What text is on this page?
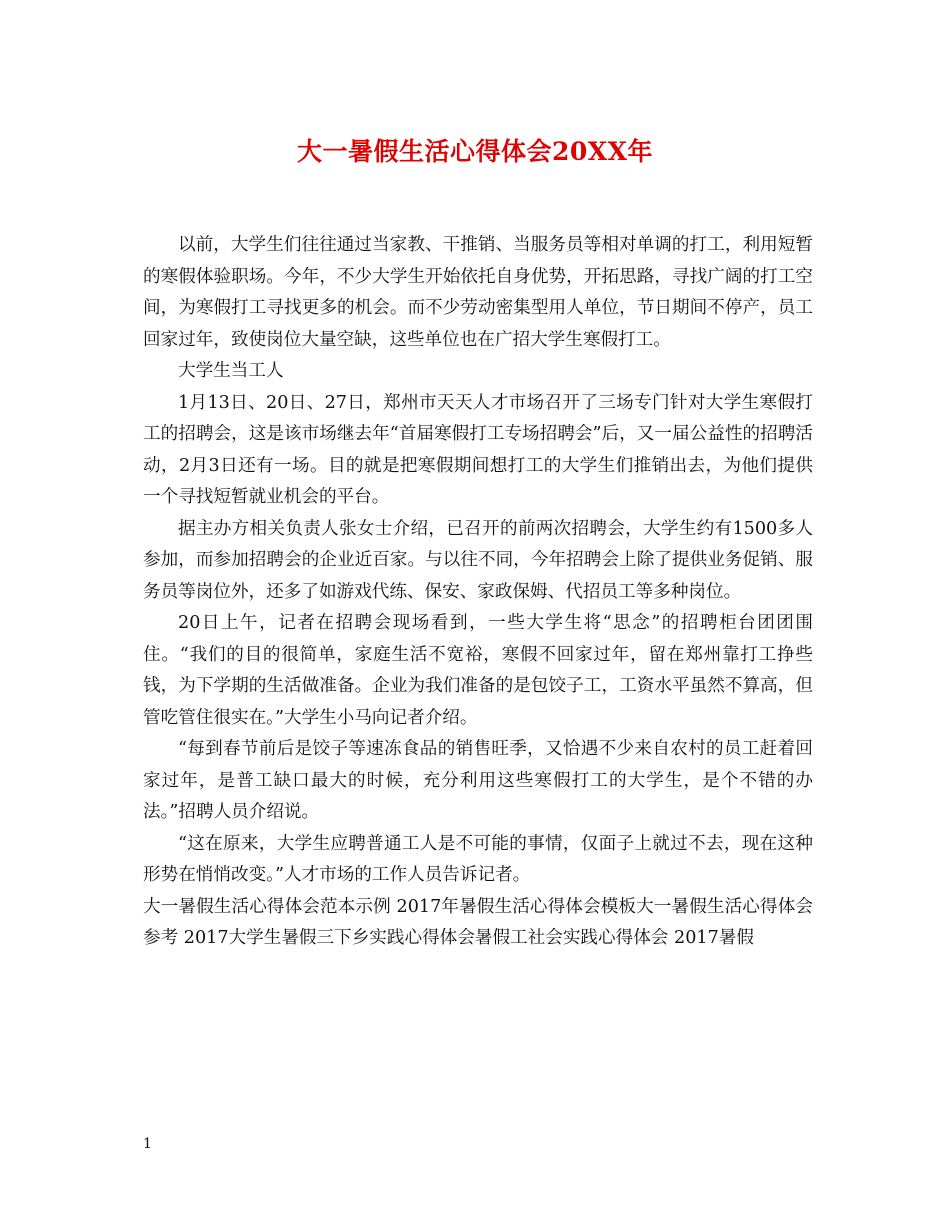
大一暑假生活心得体会20XX年

以前，大学生们往往通过当家教、干推销、当服务员等相对单调的打工，利用短暂的寒假体验职场。今年，不少大学生开始依托自身优势，开拓思路，寻找广阔的打工空间，为寒假打工寻找更多的机会。而不少劳动密集型用人单位，节日期间不停产，员工回家过年，致使岗位大量空缺，这些单位也在广招大学生寒假打工。

大学生当工人

1月13日、20日、27日，郑州市天天人才市场召开了三场专门针对大学生寒假打工的招聘会，这是该市场继去年“首届寒假打工专场招聘会”后，又一届公益性的招聘活动，2月3日还有一场。目的就是把寒假期间想打工的大学生们推销出去，为他们提供一个寻找短暂就业机会的平台。

据主办方相关负责人张女士介绍，已召开的前两次招聘会，大学生约有1500多人参加，而参加招聘会的企业近百家。与以往不同，今年招聘会上除了提供业务促销、服务员等岗位外，还多了如游戏代练、保安、家政保姆、代招员工等多种岗位。

20日上午，记者在招聘会现场看到，一些大学生将“思念”的招聘柜台团团围住。“我们的目的很简单，家庭生活不宽裕，寒假不回家过年，留在郑州靠打工挣些钱，为下学期的生活做准备。企业为我们准备的是包饺子工，工资水平虽然不算高，但管吃管住很实在。”大学生小马向记者介绍。

“每到春节前后是饺子等速冻食品的销售旺季，又恰遇不少来自农村的员工赶着回家过年，是普工缺口最大的时候，充分利用这些寒假打工的大学生，是个不错的办法。”招聘人员介绍说。

“这在原来，大学生应聘普通工人是不可能的事情，仅面子上就过不去，现在这种形势在悄悄改变。”人才市场的工作人员告诉记者。

大一暑假生活心得体会范本示例 2017年暑假生活心得体会模板大一暑假生活心得体会参考 2017大学生暑假三下乡实践心得体会暑假工社会实践心得体会 2017暑假

1
